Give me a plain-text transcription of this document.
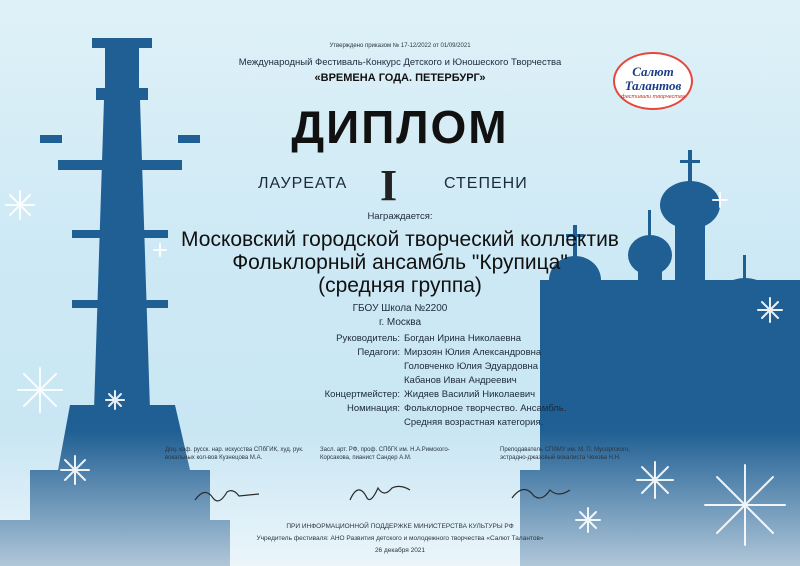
Утверждено приказом № 17-12/2022 от 01/09/2021
Международный Фестиваль-Конкурс Детского и Юношеского Творчества
«ВРЕМЕНА ГОДА. ПЕТЕРБУРГ»	Салют
Талантов
фестивали творчества
ДИПЛОМ
ЛАУРЕАТА I	СТЕПЕНИ
Награждается:
Московский городской творческий коллектив
Фольклорный ансамбль "Крупица"
(средняя группа)
ГБОУ Школа №2200
г. Москва
Руководитель: Богдан Ирина Николаевна
Педагоги: Мирзоян Юлия Александровна
Головченко Юлия Эдуардовна
Кабанов Иван Андреевич
Концертмейстер: Жидяев Василий Николаевич
Номинация: Фольклорное творчество. Ансамбль.
Средняя возрастная категория.
Доц. каф. русск. нар. искусства СПбГИК, худ. рук. вокальных кол-вов Кузнецова М.А.
Засл. арт. РФ, проф. СПбГК им. Н.А.Римского-Корсакова, пианист Сандер А.М.
Преподаватель СПбМУ им. М. П. Мусоргского, эстрадно-джазовый вокалиста Чехова Н.Н.
ПРИ ИНФОРМАЦИОННОЙ ПОДДЕРЖКЕ МИНИСТЕРСТВА КУЛЬТУРЫ РФ
Учредитель фестиваля: АНО Развития детского и молодежного творчества «Салют Талантов»
26 декабря 2021
